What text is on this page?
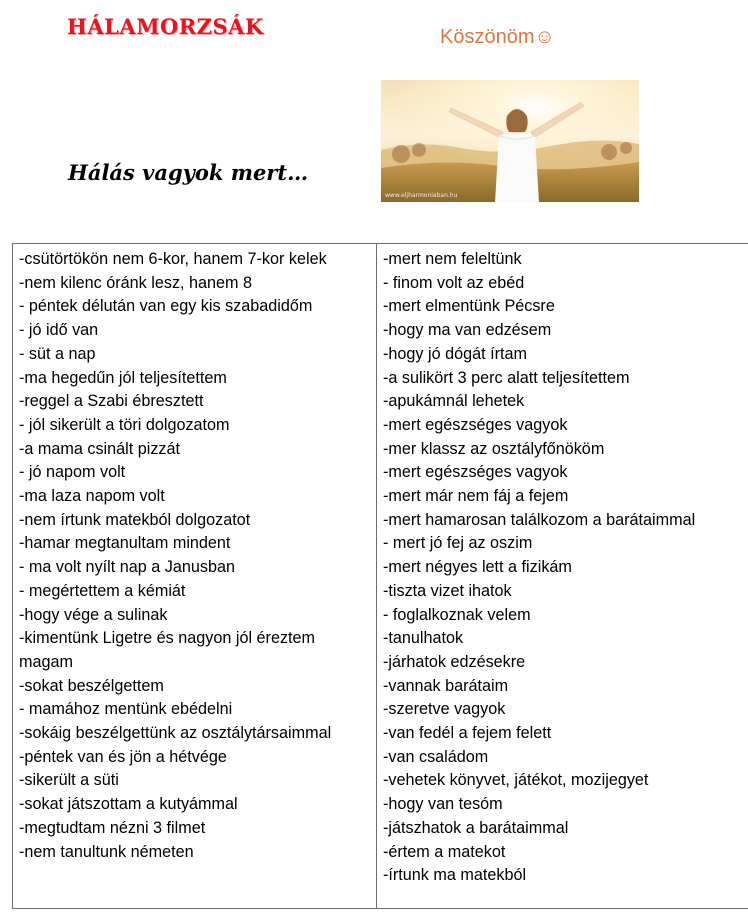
HÁLAMORZSÁK	Köszönöm☺
www.eljharmoniaban.hu
Hálás vagyok mert…
-csütörtökön nem 6-kor, hanem 7-kor kelek
-nem kilenc óránk lesz, hanem 8
- péntek délután van egy kis szabadidőm
- jó idő van
- süt a nap
-ma hegedűn jól teljesítettem
-reggel a Szabi ébresztett
- jól sikerült a töri dolgozatom
-a mama csinált pizzát
- jó napom volt
-ma laza napom volt
-nem írtunk matekból dolgozatot
-hamar megtanultam mindent
- ma volt nyílt nap a Janusban
- megértettem a kémiát
-hogy vége a sulinak
-kimentünk Ligetre és nagyon jól éreztem magam
-sokat beszélgettem
- mamához mentünk ebédelni
-sokáig beszélgettünk az osztálytársaimmal
-péntek van és jön a hétvége
-sikerült a süti
-sokat játszottam a kutyámmal
-megtudtam nézni 3 filmet
-nem tanultunk németen
-mert nem feleltünk
- finom volt az ebéd
-mert elmentünk Pécsre
-hogy ma van edzésem
-hogy jó dógát írtam
-a sulikört 3 perc alatt teljesítettem
-apukámnál lehetek
-mert egészséges vagyok
-mer klassz az osztályfőnököm
-mert egészséges vagyok
-mert már nem fáj a fejem
-mert hamarosan találkozom a barátaimmal
- mert jó fej az oszim
-mert négyes lett a fizikám
-tiszta vizet ihatok
- foglalkoznak velem
-tanulhatok
-járhatok edzésekre
-vannak barátaim
-szeretve vagyok
-van fedél a fejem felett
-van családom
-vehetek könyvet, játékot, mozijegyet
-hogy van tesóm
-játszhatok a barátaimmal
-értem a matekot
-írtunk ma matekból
